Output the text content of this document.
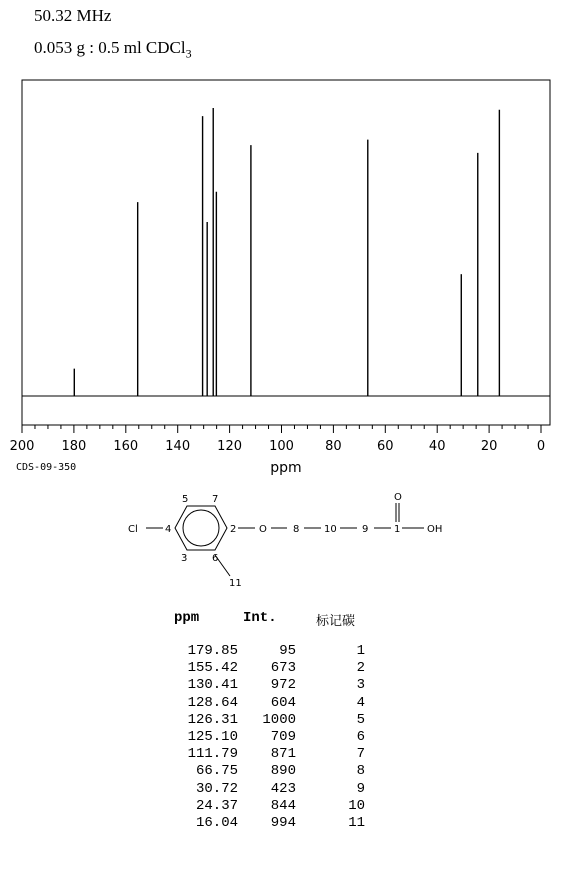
50.32 MHz
0.053 g : 0.5 ml CDCl$_3$
200 180 160 140 120 100 80	60	40	20	0
ppm
CDS-09-350
Cl	4
5 7
2
3 6
11
O	8 10	9	1
O
OH
ppm	Int.	标记碳
179.85	95	1
155.42	673	2
130.41	972	3
128.64	604	4
126.31	1000	5
125.10	709	6
111.79	871	7
66.75	890	8
30.72	423	9
24.37	844	10
16.04	994	11
